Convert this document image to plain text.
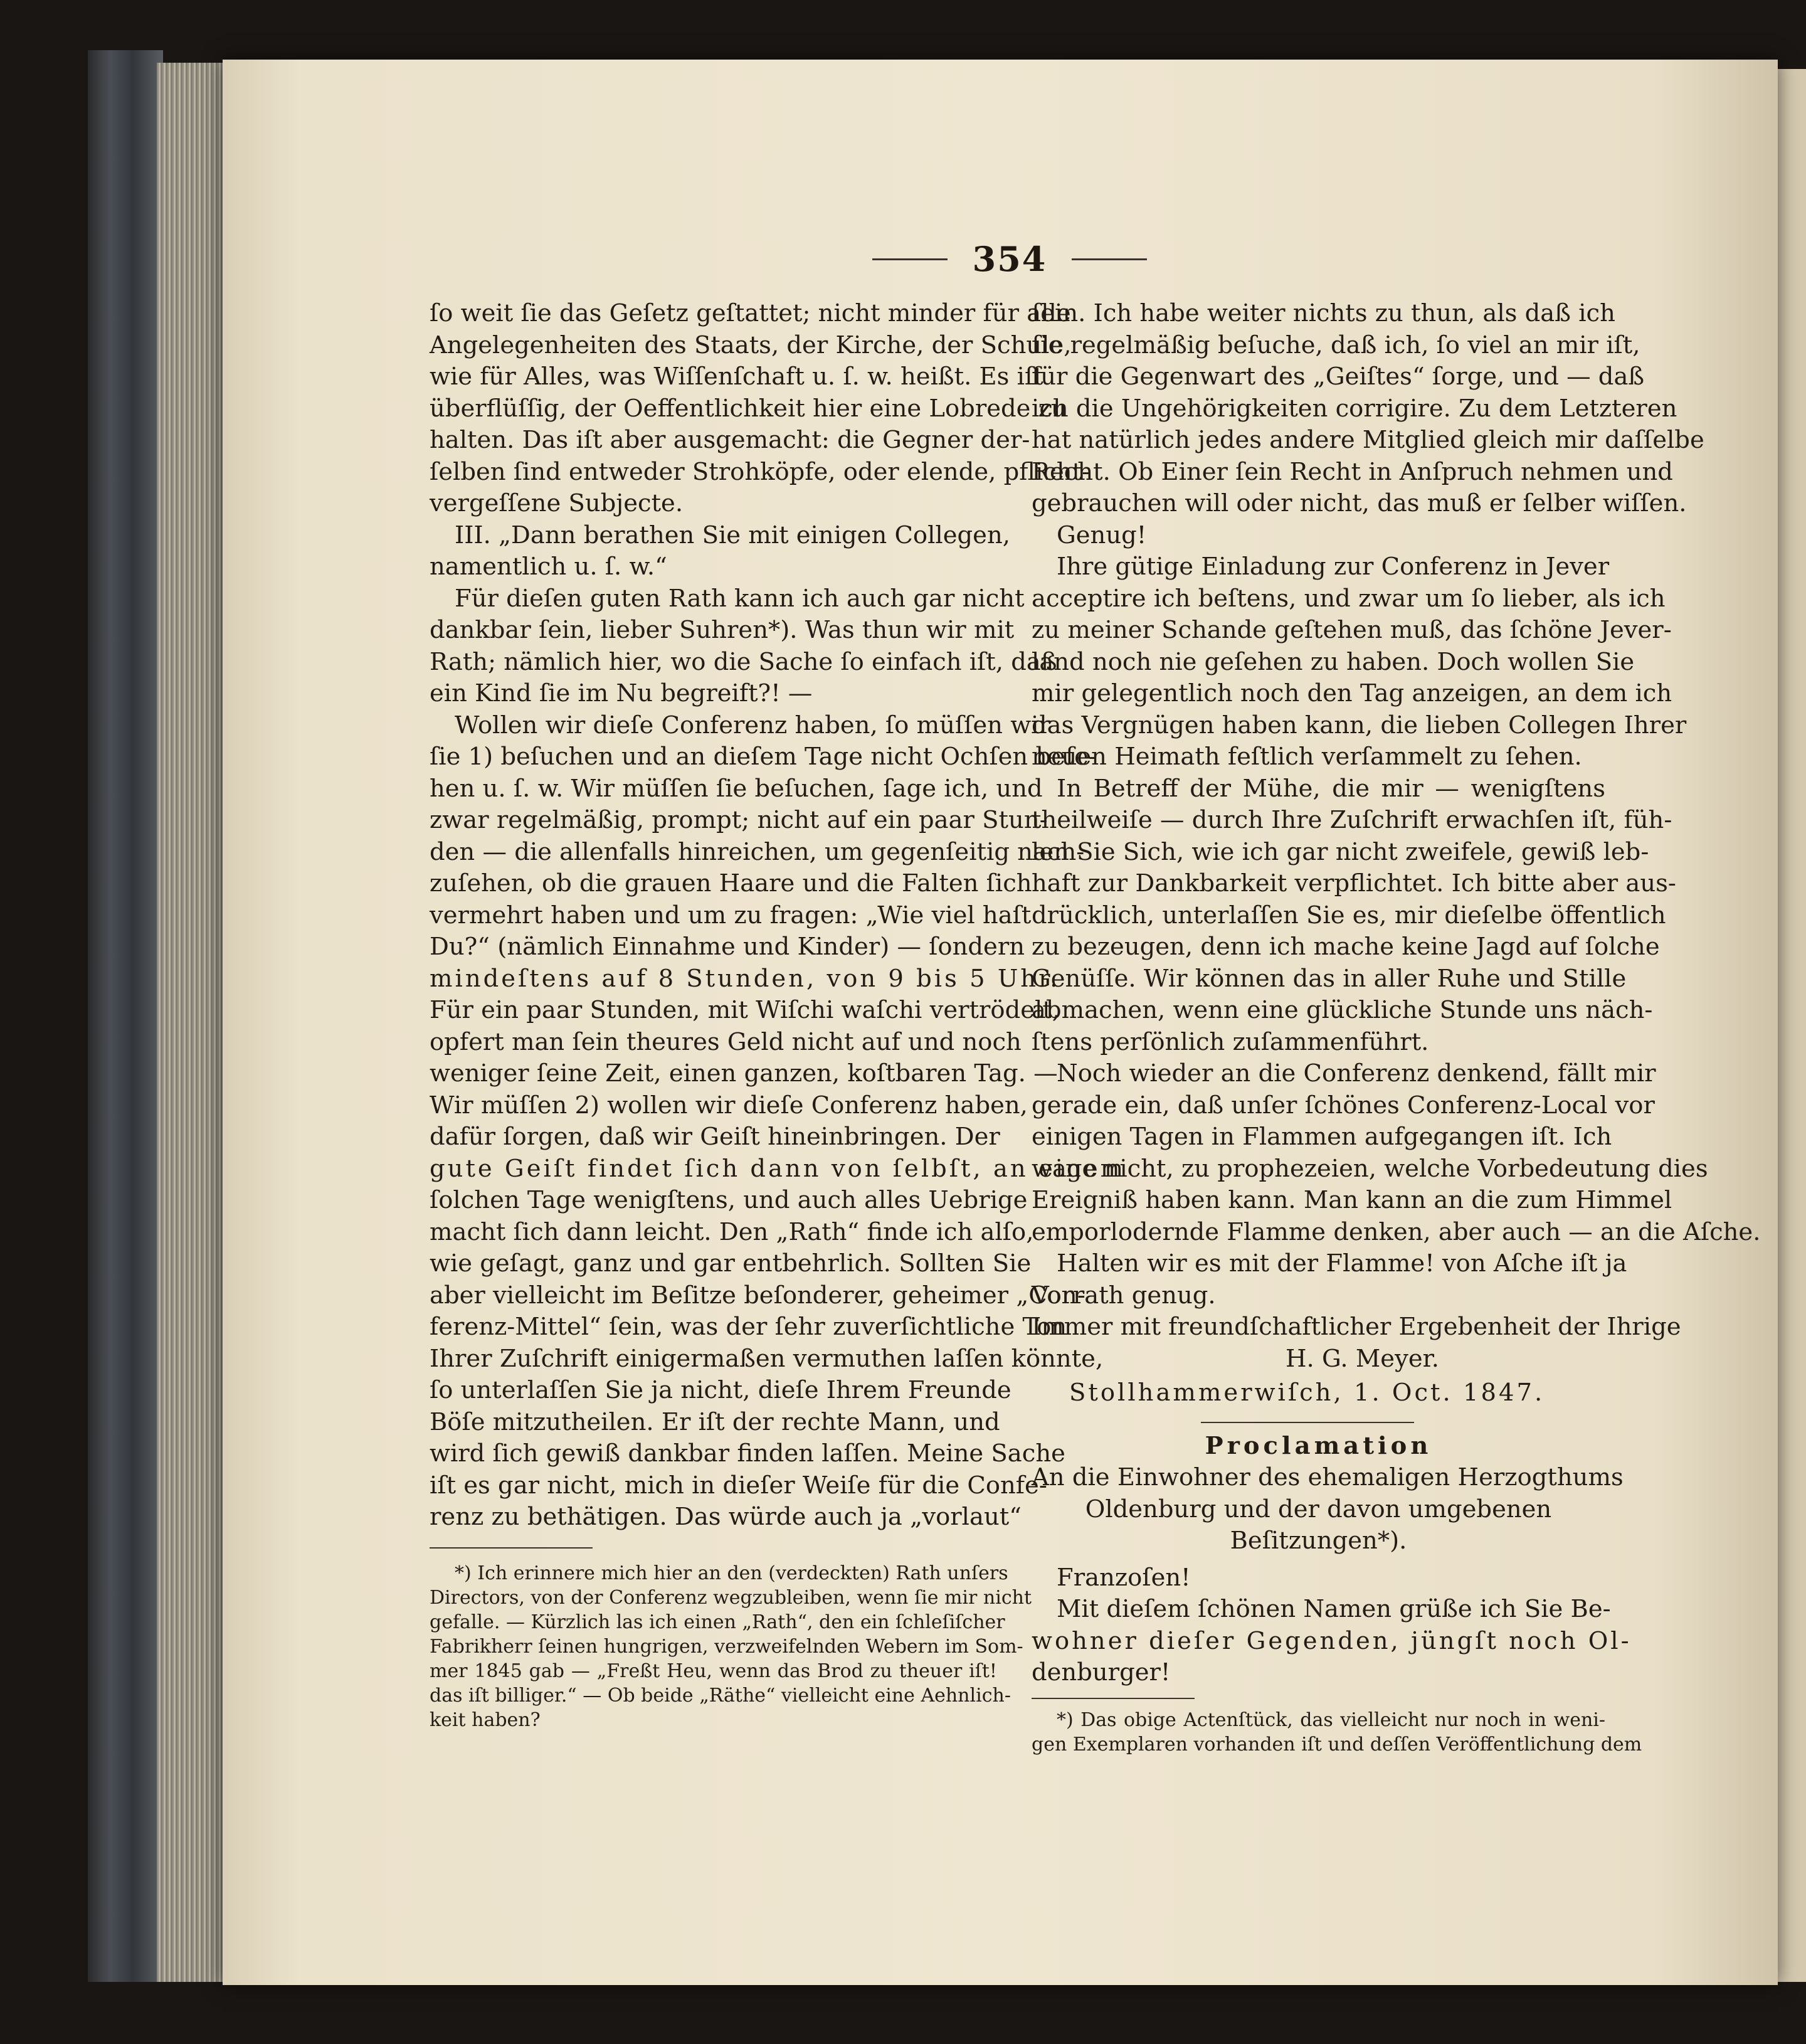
354

ſo weit ſie das Geſetz geſtattet; nicht minder für alle

Angelegenheiten des Staats, der Kirche, der Schule,

wie für Alles, was Wiſſenſchaft u. ſ. w. heißt. Es iſt

überflüſſig, der Oeffentlichkeit hier eine Lobrede zu

halten. Das iſt aber ausgemacht: die Gegner der-

ſelben ſind entweder Strohköpfe, oder elende, pflicht-

vergeſſene Subjecte.

III. „Dann berathen Sie mit einigen Collegen,

namentlich u. ſ. w.“

Für dieſen guten Rath kann ich auch gar nicht

dankbar ſein, lieber Suhren*). Was thun wir mit

Rath; nämlich hier, wo die Sache ſo einfach iſt, daß

ein Kind ſie im Nu begreift?! —

Wollen wir dieſe Conferenz haben, ſo müſſen wir

ſie 1) beſuchen und an dieſem Tage nicht Ochſen beſe-

hen u. ſ. w. Wir müſſen ſie beſuchen, ſage ich, und

zwar regelmäßig, prompt; nicht auf ein paar Stun-

den — die allenfalls hinreichen, um gegenſeitig nach-

zuſehen, ob die grauen Haare und die Falten ſich

vermehrt haben und um zu fragen: „Wie viel haſt

Du?“ (nämlich Einnahme und Kinder) — ſondern

mindeſtens auf 8 Stunden, von 9 bis 5 Uhr.

Für ein paar Stunden, mit Wiſchi waſchi vertrödelt,

opfert man ſein theures Geld nicht auf und noch

weniger ſeine Zeit, einen ganzen, koſtbaren Tag. —

Wir müſſen 2) wollen wir dieſe Conferenz haben,

dafür ſorgen, daß wir Geiſt hineinbringen. Der

gute Geiſt findet ſich dann von ſelbſt, an einem

ſolchen Tage wenigſtens, und auch alles Uebrige

macht ſich dann leicht. Den „Rath“ finde ich alſo,

wie geſagt, ganz und gar entbehrlich. Sollten Sie

aber vielleicht im Beſitze beſonderer, geheimer „Con-

ferenz-Mittel“ ſein, was der ſehr zuverſichtliche Ton

Ihrer Zuſchrift einigermaßen vermuthen laſſen könnte,

ſo unterlaſſen Sie ja nicht, dieſe Ihrem Freunde

Böſe mitzutheilen. Er iſt der rechte Mann, und

wird ſich gewiß dankbar finden laſſen. Meine Sache

iſt es gar nicht, mich in dieſer Weiſe für die Confe-

renz zu bethätigen. Das würde auch ja „vorlaut“

*) Ich erinnere mich hier an den (verdeckten) Rath unſers

Directors, von der Conferenz wegzubleiben, wenn ſie mir nicht

gefalle. — Kürzlich las ich einen „Rath“, den ein ſchleſiſcher

Fabrikherr ſeinen hungrigen, verzweifelnden Webern im Som-

mer 1845 gab — „Freßt Heu, wenn das Brod zu theuer iſt!

das iſt billiger.“ — Ob beide „Räthe“ vielleicht eine Aehnlich-

keit haben?

ſein. Ich habe weiter nichts zu thun, als daß ich

ſie regelmäßig beſuche, daß ich, ſo viel an mir iſt,

für die Gegenwart des „Geiſtes“ ſorge, und — daß

ich die Ungehörigkeiten corrigire. Zu dem Letzteren

hat natürlich jedes andere Mitglied gleich mir daſſelbe

Recht. Ob Einer ſein Recht in Anſpruch nehmen und

gebrauchen will oder nicht, das muß er ſelber wiſſen.

Genug!

Ihre gütige Einladung zur Conferenz in Jever

acceptire ich beſtens, und zwar um ſo lieber, als ich

zu meiner Schande geſtehen muß, das ſchöne Jever-

land noch nie geſehen zu haben. Doch wollen Sie

mir gelegentlich noch den Tag anzeigen, an dem ich

das Vergnügen haben kann, die lieben Collegen Ihrer

neuen Heimath feſtlich verſammelt zu ſehen.

In Betreff der Mühe, die mir — wenigſtens

theilweiſe — durch Ihre Zuſchrift erwachſen iſt, füh-

len Sie Sich, wie ich gar nicht zweifele, gewiß leb-

haft zur Dankbarkeit verpflichtet. Ich bitte aber aus-

drücklich, unterlaſſen Sie es, mir dieſelbe öffentlich

zu bezeugen, denn ich mache keine Jagd auf ſolche

Genüſſe. Wir können das in aller Ruhe und Stille

abmachen, wenn eine glückliche Stunde uns näch-

ſtens perſönlich zuſammenführt.

Noch wieder an die Conferenz denkend, fällt mir

gerade ein, daß unſer ſchönes Conferenz-Local vor

einigen Tagen in Flammen aufgegangen iſt. Ich

wage nicht, zu prophezeien, welche Vorbedeutung dies

Ereigniß haben kann. Man kann an die zum Himmel

emporlodernde Flamme denken, aber auch — an die Aſche.

Halten wir es mit der Flamme! von Aſche iſt ja

Vorrath genug.

Immer mit freundſchaftlicher Ergebenheit der Ihrige

H. G. Meyer.

Stollhammerwiſch, 1. Oct. 1847.

Proclamation

An die Einwohner des ehemaligen Herzogthums

Oldenburg und der davon umgebenen

Beſitzungen*).

Franzoſen!

Mit dieſem ſchönen Namen grüße ich Sie Be-

wohner dieſer Gegenden, jüngſt noch Ol-

denburger!

*) Das obige Actenſtück, das vielleicht nur noch in weni-

gen Exemplaren vorhanden iſt und deſſen Veröffentlichung dem
